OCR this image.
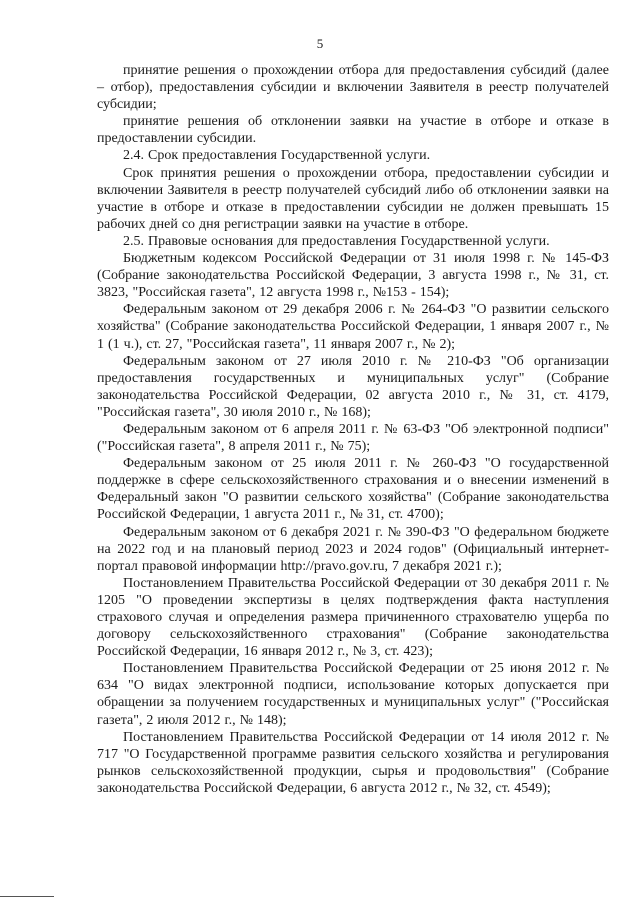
5

принятие решения о прохождении отбора для предоставления субсидий (далее – отбор), предоставления субсидии и включении Заявителя в реестр получателей субсидии;

принятие решения об отклонении заявки на участие в отборе и отказе в предоставлении субсидии.

2.4. Срок предоставления Государственной услуги.

Срок принятия решения о прохождении отбора, предоставлении субсидии и включении Заявителя в реестр получателей субсидий либо об отклонении заявки на участие в отборе и отказе в предоставлении субсидии не должен превышать 15 рабочих дней со дня регистрации заявки на участие в отборе.

2.5. Правовые основания для предоставления Государственной услуги.

Бюджетным кодексом Российской Федерации от 31 июля 1998 г. № 145-ФЗ (Собрание законодательства Российской Федерации, 3 августа 1998 г., № 31, ст. 3823, "Российская газета", 12 августа 1998 г., №153 - 154);

Федеральным законом от 29 декабря 2006 г. № 264-ФЗ "О развитии сельского хозяйства" (Собрание законодательства Российской Федерации, 1 января 2007 г., № 1 (1 ч.), ст. 27, "Российская газета", 11 января 2007 г., № 2);

Федеральным законом от 27 июля 2010 г. № 210-ФЗ "Об организации предоставления государственных и муниципальных услуг" (Собрание законодательства Российской Федерации, 02 августа 2010 г., № 31, ст. 4179, "Российская газета", 30 июля 2010 г., № 168);

Федеральным законом от 6 апреля 2011 г. № 63-ФЗ "Об электронной подписи" ("Российская газета", 8 апреля 2011 г., № 75);

Федеральным законом от 25 июля 2011 г. № 260-ФЗ "О государственной поддержке в сфере сельскохозяйственного страхования и о внесении изменений в Федеральный закон "О развитии сельского хозяйства" (Собрание законодательства Российской Федерации, 1 августа 2011 г., № 31, ст. 4700);

Федеральным законом от 6 декабря 2021 г. № 390-ФЗ "О федеральном бюджете на 2022 год и на плановый период 2023 и 2024 годов" (Официальный интернет-портал правовой информации http://pravo.gov.ru, 7 декабря 2021 г.);

Постановлением Правительства Российской Федерации от 30 декабря 2011 г. № 1205 "О проведении экспертизы в целях подтверждения факта наступления страхового случая и определения размера причиненного страхователю ущерба по договору сельскохозяйственного страхования" (Собрание законодательства Российской Федерации, 16 января 2012 г., № 3, ст. 423);

Постановлением Правительства Российской Федерации от 25 июня 2012 г. № 634 "О видах электронной подписи, использование которых допускается при обращении за получением государственных и муниципальных услуг" ("Российская газета", 2 июля 2012 г., № 148);

Постановлением Правительства Российской Федерации от 14 июля 2012 г. № 717 "О Государственной программе развития сельского хозяйства и регулирования рынков сельскохозяйственной продукции, сырья и продовольствия" (Собрание законодательства Российской Федерации, 6 августа 2012 г., № 32, ст. 4549);
